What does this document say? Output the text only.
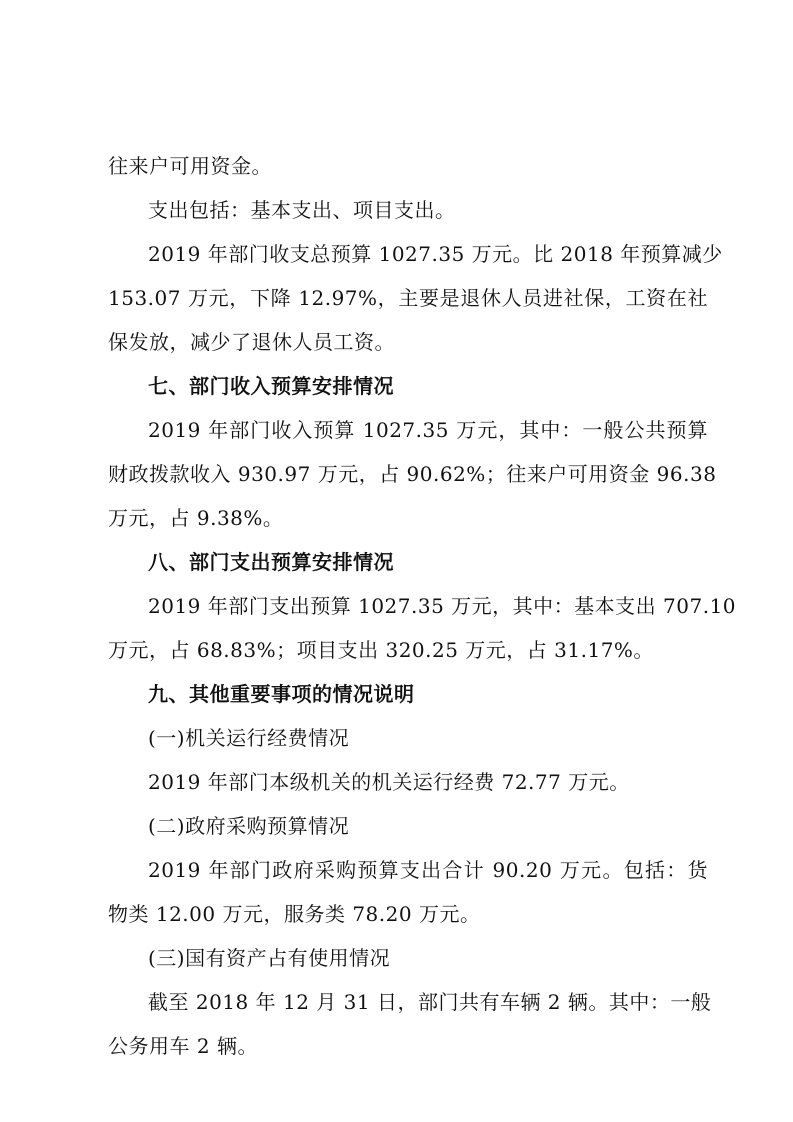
往来户可用资金。
支出包括：基本支出、项目支出。
2019 年部门收支总预算 1027.35 万元。比 2018 年预算减少
153.07 万元，下降 12.97%，主要是退休人员进社保，工资在社
保发放，减少了退休人员工资。
七、部门收入预算安排情况
2019 年部门收入预算 1027.35 万元，其中：一般公共预算
财政拨款收入 930.97 万元，占 90.62%；往来户可用资金 96.38
万元，占 9.38%。
八、部门支出预算安排情况
2019 年部门支出预算 1027.35 万元，其中：基本支出 707.10
万元，占 68.83%；项目支出 320.25 万元，占 31.17%。
九、其他重要事项的情况说明
(一)机关运行经费情况
2019 年部门本级机关的机关运行经费 72.77 万元。
(二)政府采购预算情况
2019 年部门政府采购预算支出合计 90.20 万元。包括：货
物类 12.00 万元，服务类 78.20 万元。
(三)国有资产占有使用情况
截至 2018 年 12 月 31 日，部门共有车辆 2 辆。其中：一般
公务用车 2 辆。
